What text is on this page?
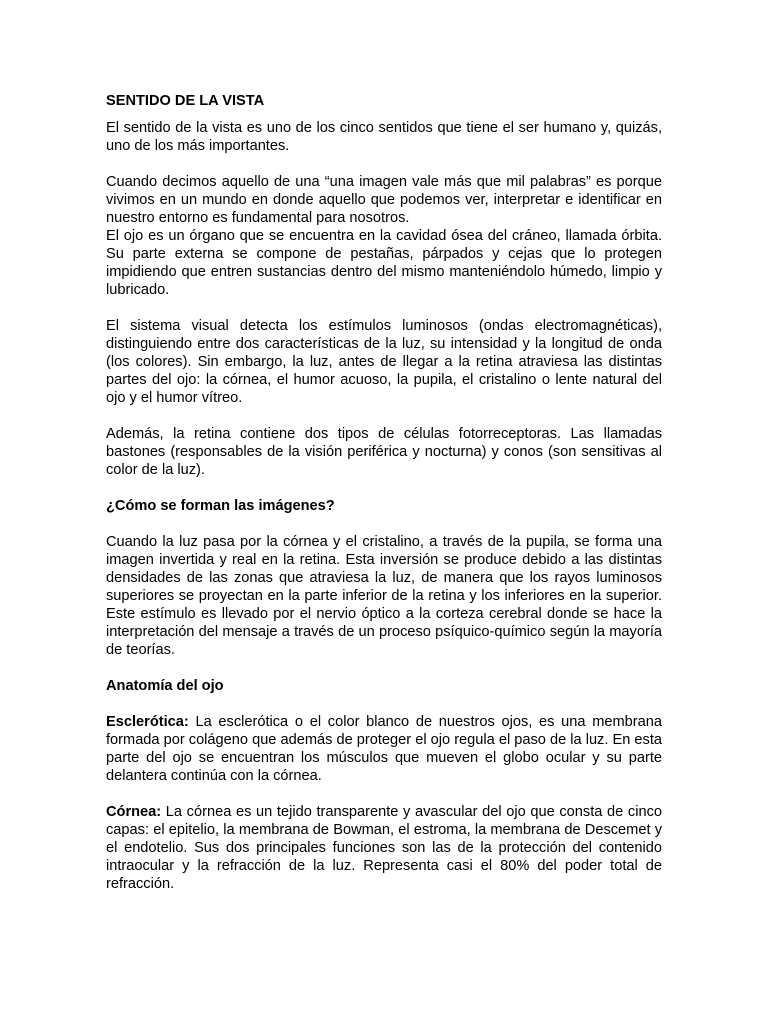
SENTIDO DE LA VISTA

El sentido de la vista es uno de los cinco sentidos que tiene el ser humano y, quizás, uno de los más importantes.

Cuando decimos aquello de una “una imagen vale más que mil palabras” es porque vivimos en un mundo en donde aquello que podemos ver, interpretar e identificar en nuestro entorno es fundamental para nosotros.

El ojo es un órgano que se encuentra en la cavidad ósea del cráneo, llamada órbita. Su parte externa se compone de pestañas, párpados y cejas que lo protegen impidiendo que entren sustancias dentro del mismo manteniéndolo húmedo, limpio y lubricado.

El sistema visual detecta los estímulos luminosos (ondas electromagnéticas), distinguiendo entre dos características de la luz, su intensidad y la longitud de onda (los colores). Sin embargo, la luz, antes de llegar a la retina atraviesa las distintas partes del ojo: la córnea, el humor acuoso, la pupila, el cristalino o lente natural del ojo y el humor vítreo.

Además, la retina contiene dos tipos de células fotorreceptoras. Las llamadas bastones (responsables de la visión periférica y nocturna) y conos (son sensitivas al color de la luz).

¿Cómo se forman las imágenes?

Cuando la luz pasa por la córnea y el cristalino, a través de la pupila, se forma una imagen invertida y real en la retina. Esta inversión se produce debido a las distintas densidades de las zonas que atraviesa la luz, de manera que los rayos luminosos superiores se proyectan en la parte inferior de la retina y los inferiores en la superior. Este estímulo es llevado por el nervio óptico a la corteza cerebral donde se hace la interpretación del mensaje a través de un proceso psíquico-químico según la mayoría de teorías.

Anatomía del ojo

Esclerótica: La esclerótica o el color blanco de nuestros ojos, es una membrana formada por colágeno que además de proteger el ojo regula el paso de la luz. En esta parte del ojo se encuentran los músculos que mueven el globo ocular y su parte delantera continúa con la córnea.

Córnea: La córnea es un tejido transparente y avascular del ojo que consta de cinco capas: el epitelio, la membrana de Bowman, el estroma, la membrana de Descemet y el endotelio. Sus dos principales funciones son las de la protección del contenido intraocular y la refracción de la luz. Representa casi el 80% del poder total de refracción.
